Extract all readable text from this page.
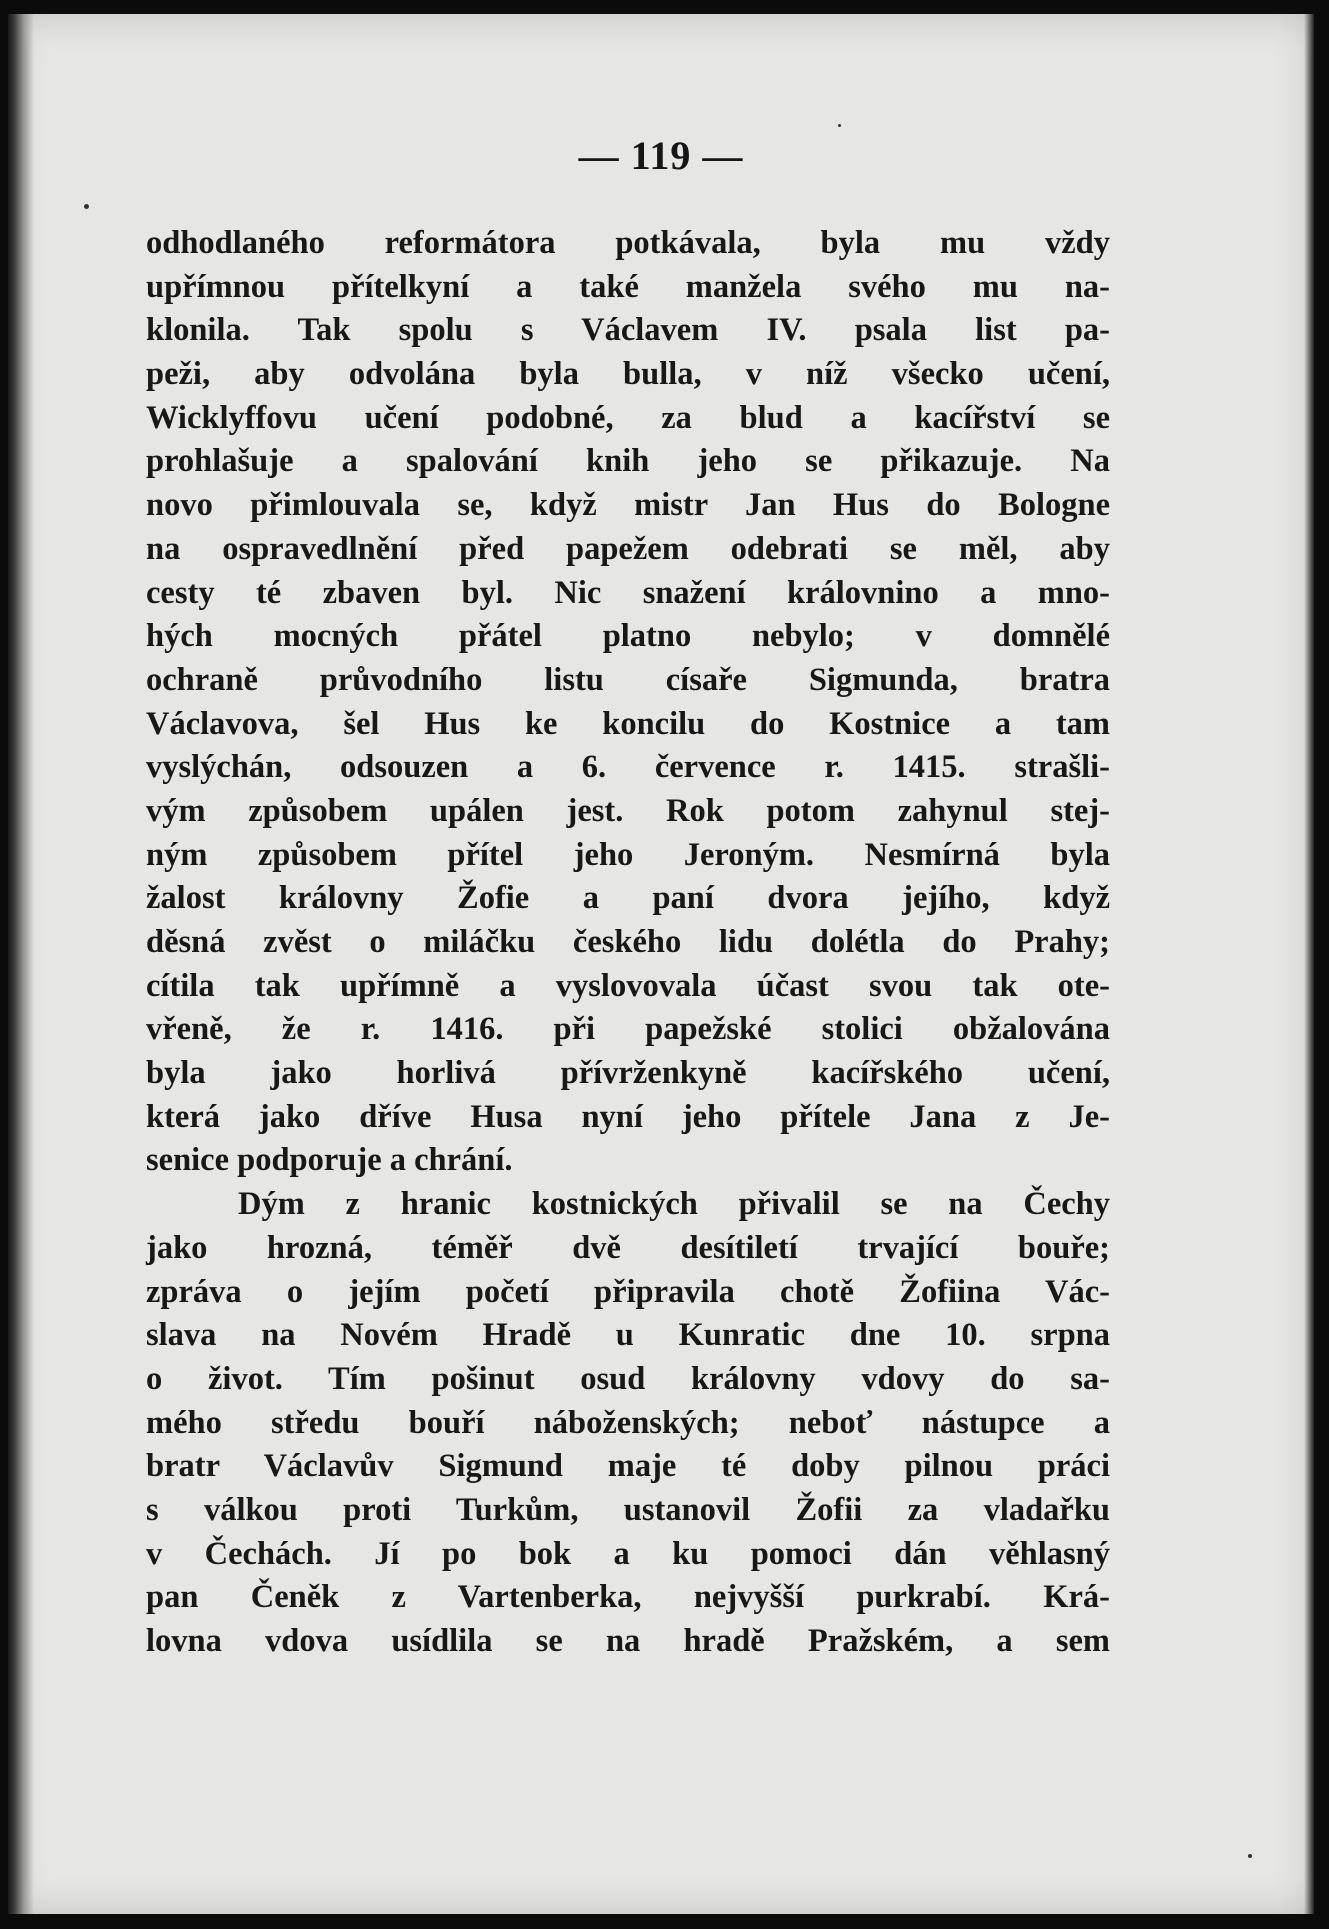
— 119 —
odhodlaného reformátora potkávala, byla mu vždy
upřímnou přítelkyní a také manžela svého mu na-
klonila. Tak spolu s Václavem IV. psala list pa-
peži, aby odvolána byla bulla, v níž všecko učení,
Wicklyffovu učení podobné, za blud a kacířství se
prohlašuje a spalování knih jeho se přikazuje. Na
novo přimlouvala se, když mistr Jan Hus do Bologne
na ospravedlnění před papežem odebrati se měl, aby
cesty té zbaven byl. Nic snažení královnino a mno-
hých mocných přátel platno nebylo; v domnělé
ochraně průvodního listu císaře Sigmunda, bratra
Václavova, šel Hus ke koncilu do Kostnice a tam
vyslýchán, odsouzen a 6. července r. 1415. strašli-
vým způsobem upálen jest. Rok potom zahynul stej-
ným způsobem přítel jeho Jeroným. Nesmírná byla
žalost královny Žofie a paní dvora jejího, když
děsná zvěst o miláčku českého lidu dolétla do Prahy;
cítila tak upřímně a vyslovovala účast svou tak ote-
vřeně, že r. 1416. při papežské stolici obžalována
byla jako horlivá přívrženkyně kacířského učení,
která jako dříve Husa nyní jeho přítele Jana z Je-
senice podporuje a chrání.
Dým z hranic kostnických přivalil se na Čechy
jako hrozná, téměř dvě desítiletí trvající bouře;
zpráva o jejím početí připravila chotě Žofiina Vác-
slava na Novém Hradě u Kunratic dne 10. srpna
o život. Tím pošinut osud královny vdovy do sa-
mého středu bouří náboženských; neboť nástupce a
bratr Václavův Sigmund maje té doby pilnou práci
s válkou proti Turkům, ustanovil Žofii za vladařku
v Čechách. Jí po bok a ku pomoci dán věhlasný
pan Čeněk z Vartenberka, nejvyšší purkrabí. Krá-
lovna vdova usídlila se na hradě Pražském, a sem
